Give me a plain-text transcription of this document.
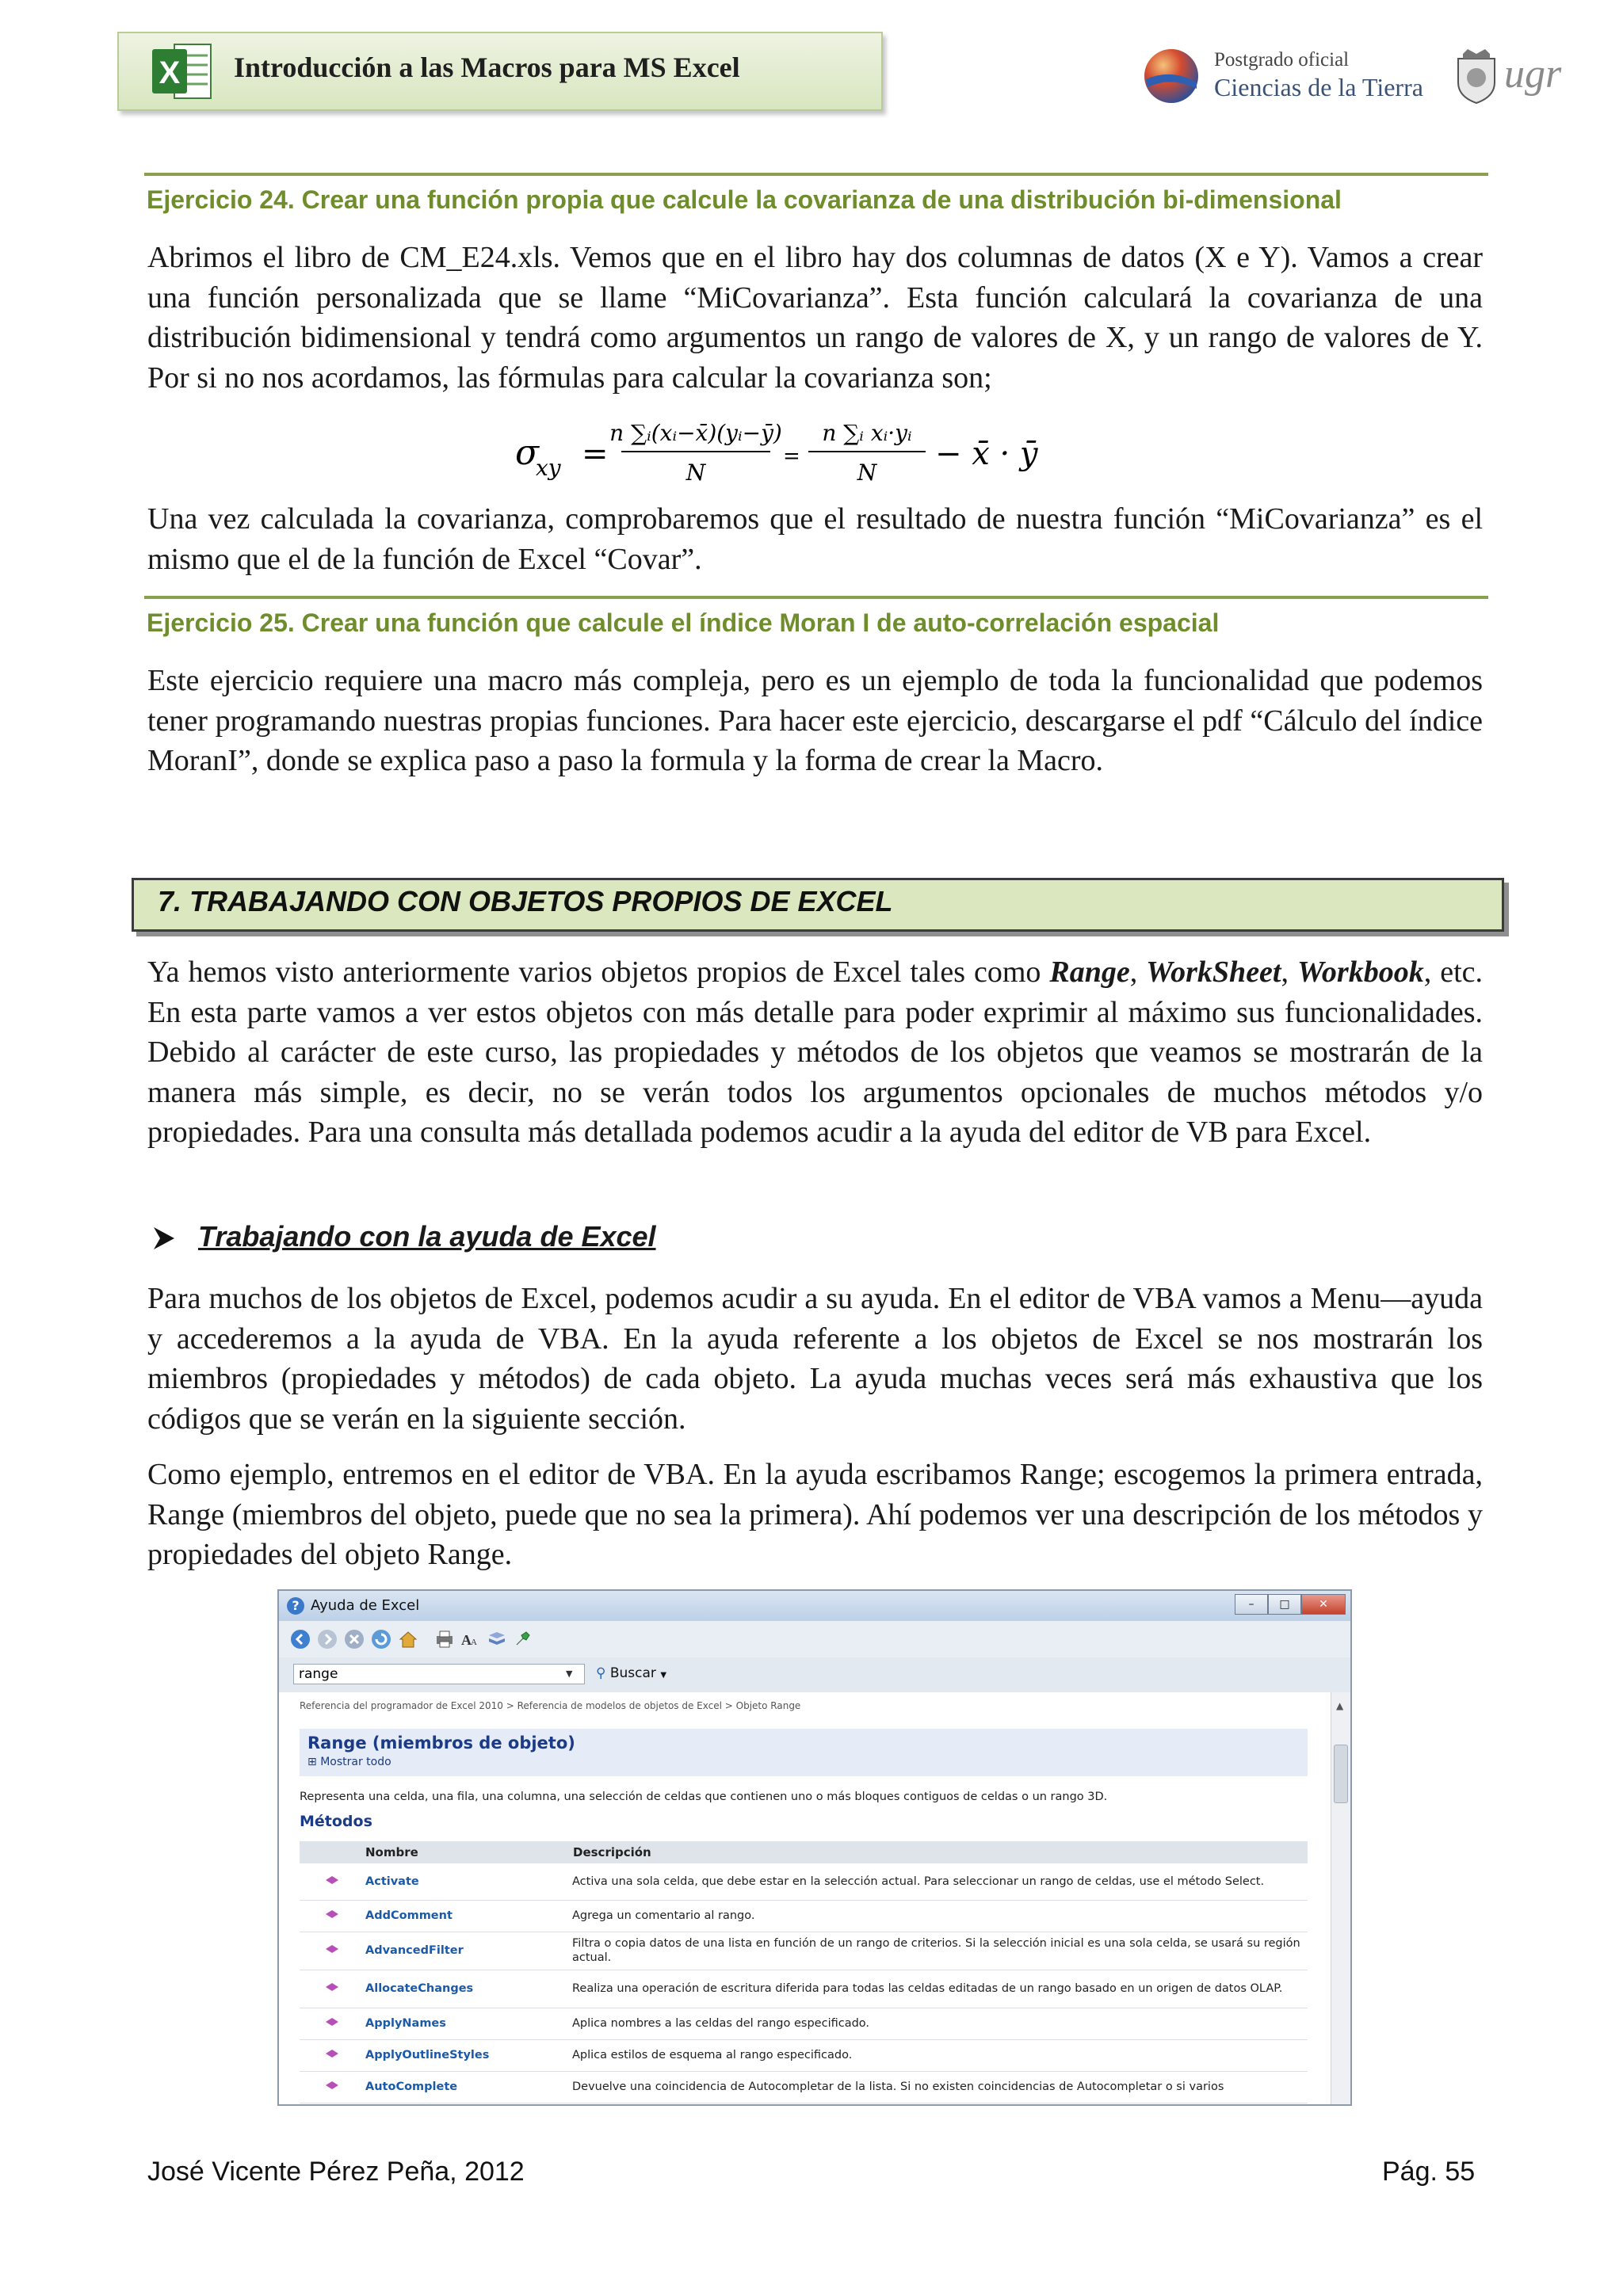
X Introducción a las Macros para MS Excel	Postgrado oficial
Ciencias de la Tierra ugr
Ejercicio 24. Crear una función propia que calcule la covarianza de una distribución bi-dimensional

Abrimos el libro de CM_E24.xls. Vemos que en el libro hay dos columnas de datos (X e Y). Vamos a crear una función personalizada que se llame “MiCovarianza”. Esta función calculará la covarianza de una distribución bidimensional y tendrá como argumentos un rango de valores de X, y un rango de valores de Y. Por si no nos acordamos, las fórmulas para calcular la covarianza son;

σ
xy =
n ∑ᵢ(xᵢ−x̄)(yᵢ−ȳ)
N
=
n ∑ᵢ xᵢ·yᵢ
N
− x̄ · ȳ

Una vez calculada la covarianza, comprobaremos que el resultado de nuestra función “MiCovarianza” es el mismo que el de la función de Excel “Covar”.

Ejercicio 25. Crear una función que calcule el índice Moran I de auto-correlación espacial

Este ejercicio requiere una macro más compleja, pero es un ejemplo de toda la funcionalidad que podemos tener programando nuestras propias funciones. Para hacer este ejercicio, descargarse el pdf “Cálculo del índice MoranI”, donde se explica paso a paso la formula y la forma de crear la Macro.

7. TRABAJANDO CON OBJETOS PROPIOS DE EXCEL

Ya hemos visto anteriormente varios objetos propios de Excel tales como Range, WorkSheet, Workbook, etc. En esta parte vamos a ver estos objetos con más detalle para poder exprimir al máximo sus funcionalidades. Debido al carácter de este curso, las propiedades y métodos de los objetos que veamos se mostrarán de la manera más simple, es decir, no se verán todos los argumentos opcionales de muchos métodos y/o propiedades. Para una consulta más detallada podemos acudir a la ayuda del editor de VB para Excel.

Trabajando con la ayuda de Excel

Para muchos de los objetos de Excel, podemos acudir a su ayuda. En el editor de VBA vamos a Menu—ayuda y accederemos a la ayuda de VBA. En la ayuda referente a los objetos de Excel se nos mostrarán los miembros (propiedades y métodos) de cada objeto. La ayuda muchas veces será más exhaustiva que los códigos que se verán en la siguiente sección.

Como ejemplo, entremos en el editor de VBA. En la ayuda escribamos Range; escogemos la primera entrada, Range (miembros del objeto, puede que no sea la primera). Ahí podemos ver una descripción de los métodos y propiedades del objeto Range.

? Ayuda de Excel	–	□	✕
A A
range
▼ ⚲ Buscar ▼
Referencia del programador de Excel 2010 > Referencia de modelos de objetos de Excel > Objeto Range
Range (miembros de objeto)
⊞ Mostrar todo
Representa una celda, una fila, una columna, una selección de celdas que contienen uno o más bloques contiguos de celdas o un rango 3D.
Métodos
	Nombre	Descripción
	Activate	Activa una sola celda, que debe estar en la selección actual. Para seleccionar un rango de celdas, use el método Select.
	AddComment	Agrega un comentario al rango.
	AdvancedFilter	Filtra o copia datos de una lista en función de un rango de criterios. Si la selección inicial es una sola celda, se usará su región actual.
	AllocateChanges	Realiza una operación de escritura diferida para todas las celdas editadas de un rango basado en un origen de datos OLAP.
	ApplyNames	Aplica nombres a las celdas del rango especificado.
	ApplyOutlineStyles	Aplica estilos de esquema al rango especificado.
	AutoComplete	Devuelve una coincidencia de Autocompletar de la lista. Si no existen coincidencias de Autocompletar o si varios
▲
José Vicente Pérez Peña, 2012	Pág. 55
